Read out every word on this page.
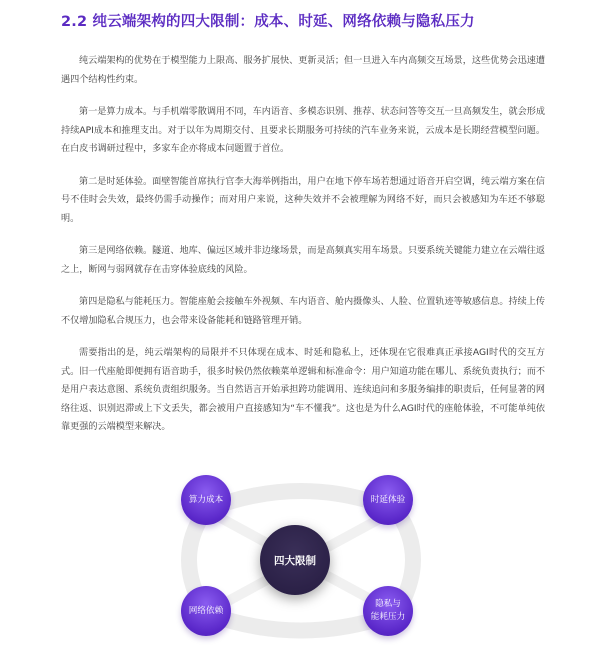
2.2 纯云端架构的四大限制：成本、时延、网络依赖与隐私压力

纯云端架构的优势在于模型能力上限高、服务扩展快、更新灵活；但一旦进入车内高频交互场景，这些优势会迅速遭遇四个结构性约束。

第一是算力成本。与手机端零散调用不同，车内语音、多模态识别、推荐、状态问答等交互一旦高频发生，就会形成持续API成本和推理支出。对于以年为周期交付、且要求长期服务可持续的汽车业务来说，云成本是长期经营模型问题。在白皮书调研过程中，多家车企亦将成本问题置于首位。

第二是时延体验。面壁智能首席执行官李大海举例指出，用户在地下停车场若想通过语音开启空调，纯云端方案在信号不佳时会失效，最终仍需手动操作；而对用户来说，这种失效并不会被理解为网络不好，而只会被感知为车还不够聪明。

第三是网络依赖。隧道、地库、偏远区域并非边缘场景，而是高频真实用车场景。只要系统关键能力建立在云端往返之上，断网与弱网就存在击穿体验底线的风险。

第四是隐私与能耗压力。智能座舱会接触车外视频、车内语音、舱内摄像头、人脸、位置轨迹等敏感信息。持续上传不仅增加隐私合规压力，也会带来设备能耗和链路管理开销。

需要指出的是，纯云端架构的局限并不只体现在成本、时延和隐私上，还体现在它很难真正承接AGI时代的交互方式。旧一代座舱即便拥有语音助手，很多时候仍然依赖菜单逻辑和标准命令：用户知道功能在哪儿、系统负责执行；而不是用户表达意图、系统负责组织服务。当自然语言开始承担跨功能调用、连续追问和多服务编排的职责后，任何显著的网络往返、识别迟滞或上下文丢失，都会被用户直接感知为“车不懂我”。这也是为什么AGI时代的座舱体验，不可能单纯依靠更强的云端模型来解决。

四大限制
算力成本	时延体验
网络依赖
隐私与
能耗压力
